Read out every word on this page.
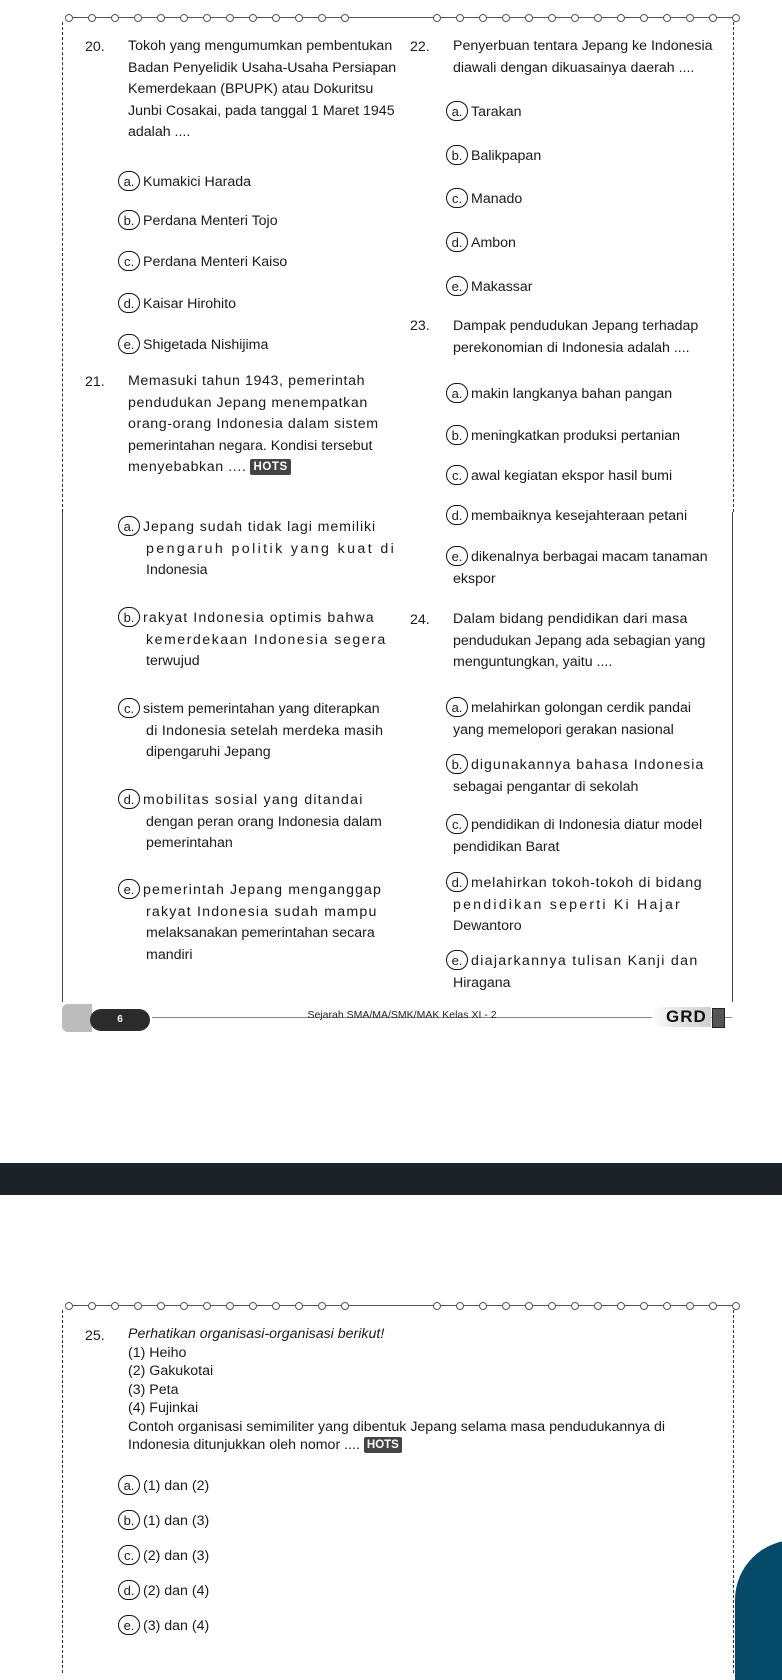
20. Tokoh yang mengumumkan pembentukan
Badan Penyelidik Usaha-Usaha Persiapan
Kemerdekaan (BPUPK) atau Dokuritsu
Junbi Cosakai, pada tanggal 1 Maret 1945
adalah ....
a. Kumakici Harada
b. Perdana Menteri Tojo
c. Perdana Menteri Kaiso
d. Kaisar Hirohito
e. Shigetada Nishijima
21. Memasuki tahun 1943, pemerintah
pendudukan Jepang menempatkan
orang-orang Indonesia dalam sistem
pemerintahan negara. Kondisi tersebut
menyebabkan .... HOTS
a. Jepang sudah tidak lagi memiliki
pengaruh politik yang kuat di
Indonesia
b. rakyat Indonesia optimis bahwa
kemerdekaan Indonesia segera
terwujud
c. sistem pemerintahan yang diterapkan
di Indonesia setelah merdeka masih
dipengaruhi Jepang
d. mobilitas sosial yang ditandai
dengan peran orang Indonesia dalam
pemerintahan
e. pemerintah Jepang menganggap
rakyat Indonesia sudah mampu
melaksanakan pemerintahan secara
mandiri
22. Penyerbuan tentara Jepang ke Indonesia
diawali dengan dikuasainya daerah ....
a. Tarakan
b. Balikpapan
c. Manado
d. Ambon
e. Makassar
23. Dampak pendudukan Jepang terhadap
perekonomian di Indonesia adalah ....
a. makin langkanya bahan pangan
b. meningkatkan produksi pertanian
c. awal kegiatan ekspor hasil bumi
d. membaiknya kesejahteraan petani
e. dikenalnya berbagai macam tanaman
ekspor
24. Dalam bidang pendidikan dari masa
pendudukan Jepang ada sebagian yang
menguntungkan, yaitu ....
a. melahirkan golongan cerdik pandai
yang memelopori gerakan nasional
b. digunakannya bahasa Indonesia
sebagai pengantar di sekolah
c. pendidikan di Indonesia diatur model
pendidikan Barat
d. melahirkan tokoh-tokoh di bidang
pendidikan seperti Ki Hajar
Dewantoro
e. diajarkannya tulisan Kanji dan
Hiragana
6	Sejarah SMA/MA/SMK/MAK Kelas XI - 2	GRD
25. Perhatikan organisasi-organisasi berikut!
(1) Heiho
(2) Gakukotai
(3) Peta
(4) Fujinkai
Contoh organisasi semimiliter yang dibentuk Jepang selama masa pendudukannya di
Indonesia ditunjukkan oleh nomor .... HOTS
a. (1) dan (2)
b. (1) dan (3)
c. (2) dan (3)
d. (2) dan (4)
e. (3) dan (4)
